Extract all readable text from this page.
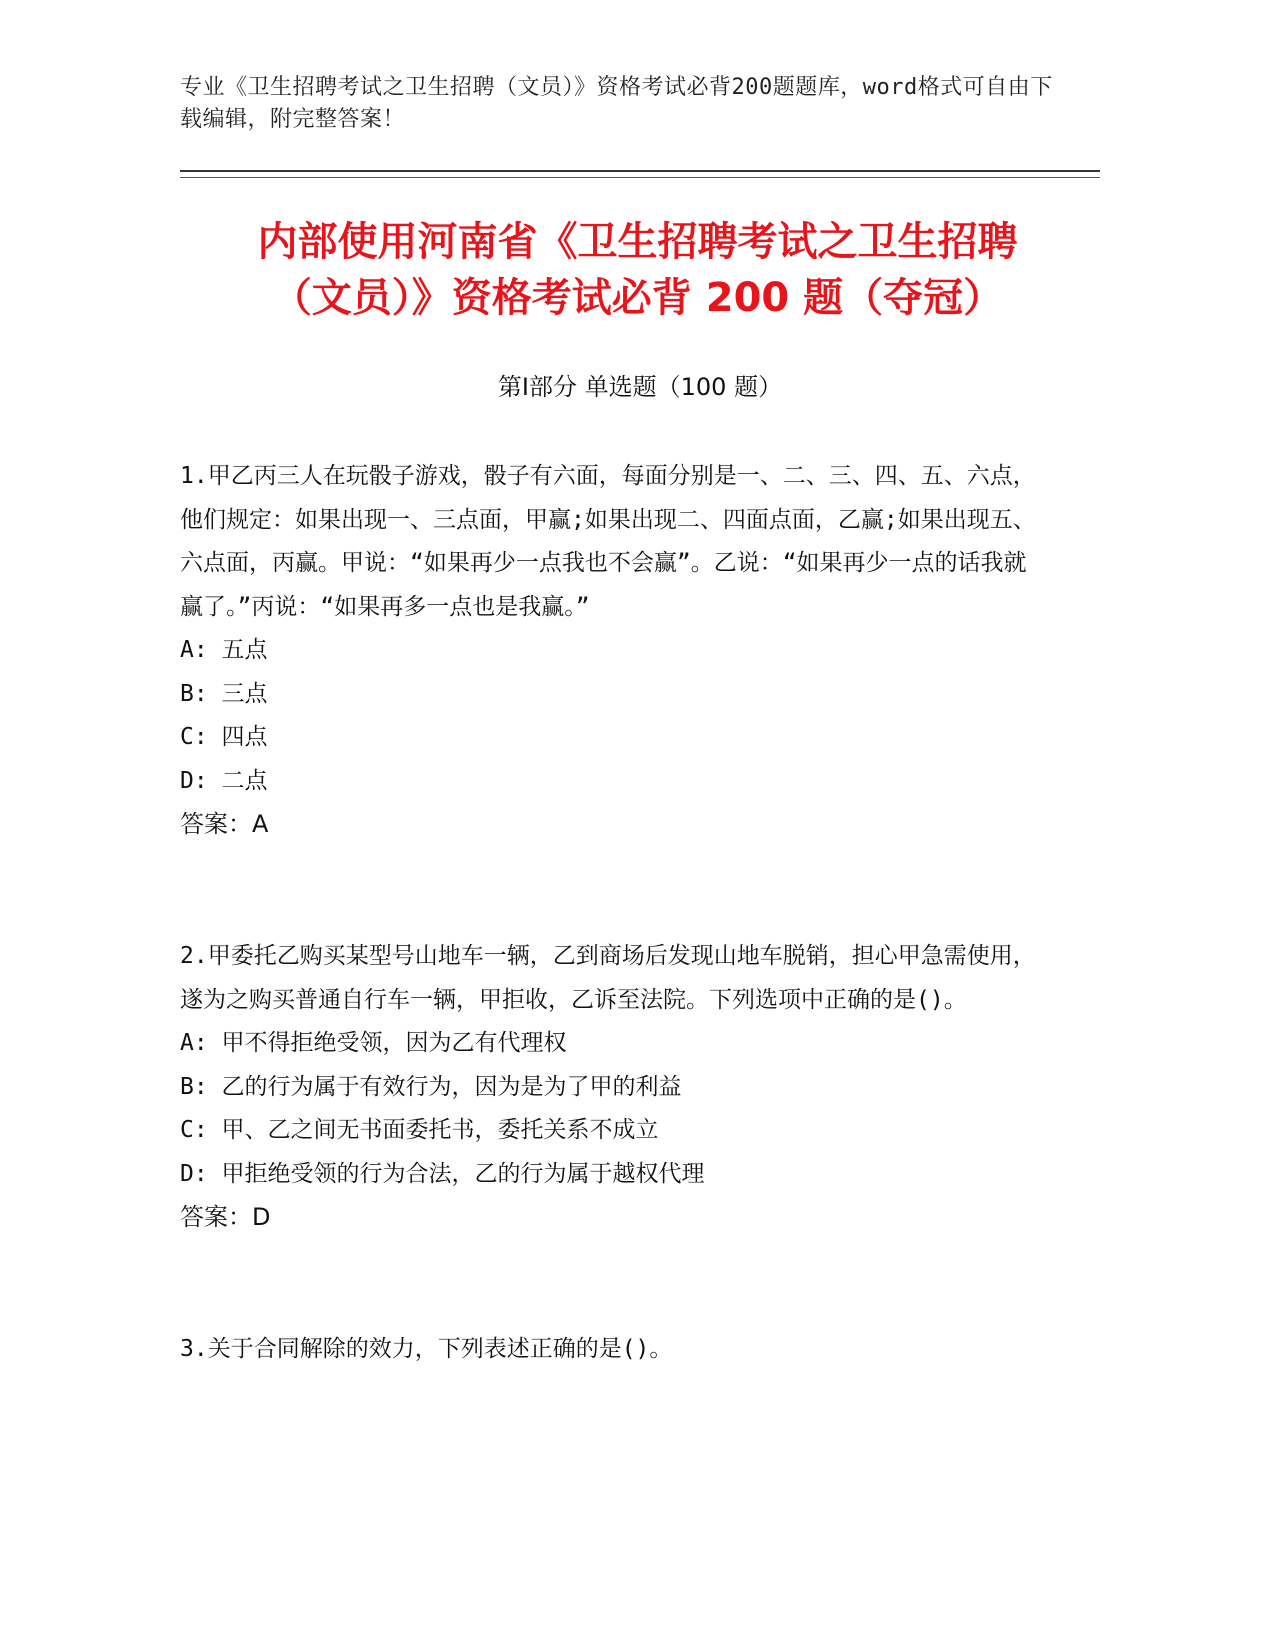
专业《卫生招聘考试之卫生招聘（文员）》资格考试必背200题题库，word格式可自由下载编辑，附完整答案！
内部使用河南省《卫生招聘考试之卫生招聘
（文员）》资格考试必背 200 题（夺冠）
第Ⅰ部分 单选题（100 题）

1.甲乙丙三人在玩骰子游戏，骰子有六面，每面分别是一、二、三、四、五、六点，他们规定：如果出现一、三点面，甲赢;如果出现二、四面点面，乙赢;如果出现五、六点面，丙赢。甲说：“如果再少一点我也不会赢”。乙说：“如果再少一点的话我就赢了。”丙说：“如果再多一点也是我赢。”

A: 五点

B: 三点

C: 四点

D: 二点

答案：A

2.甲委托乙购买某型号山地车一辆，乙到商场后发现山地车脱销，担心甲急需使用，遂为之购买普通自行车一辆，甲拒收，乙诉至法院。下列选项中正确的是()。

A: 甲不得拒绝受领，因为乙有代理权

B: 乙的行为属于有效行为，因为是为了甲的利益

C: 甲、乙之间无书面委托书，委托关系不成立

D: 甲拒绝受领的行为合法，乙的行为属于越权代理

答案：D

3.关于合同解除的效力，下列表述正确的是()。
